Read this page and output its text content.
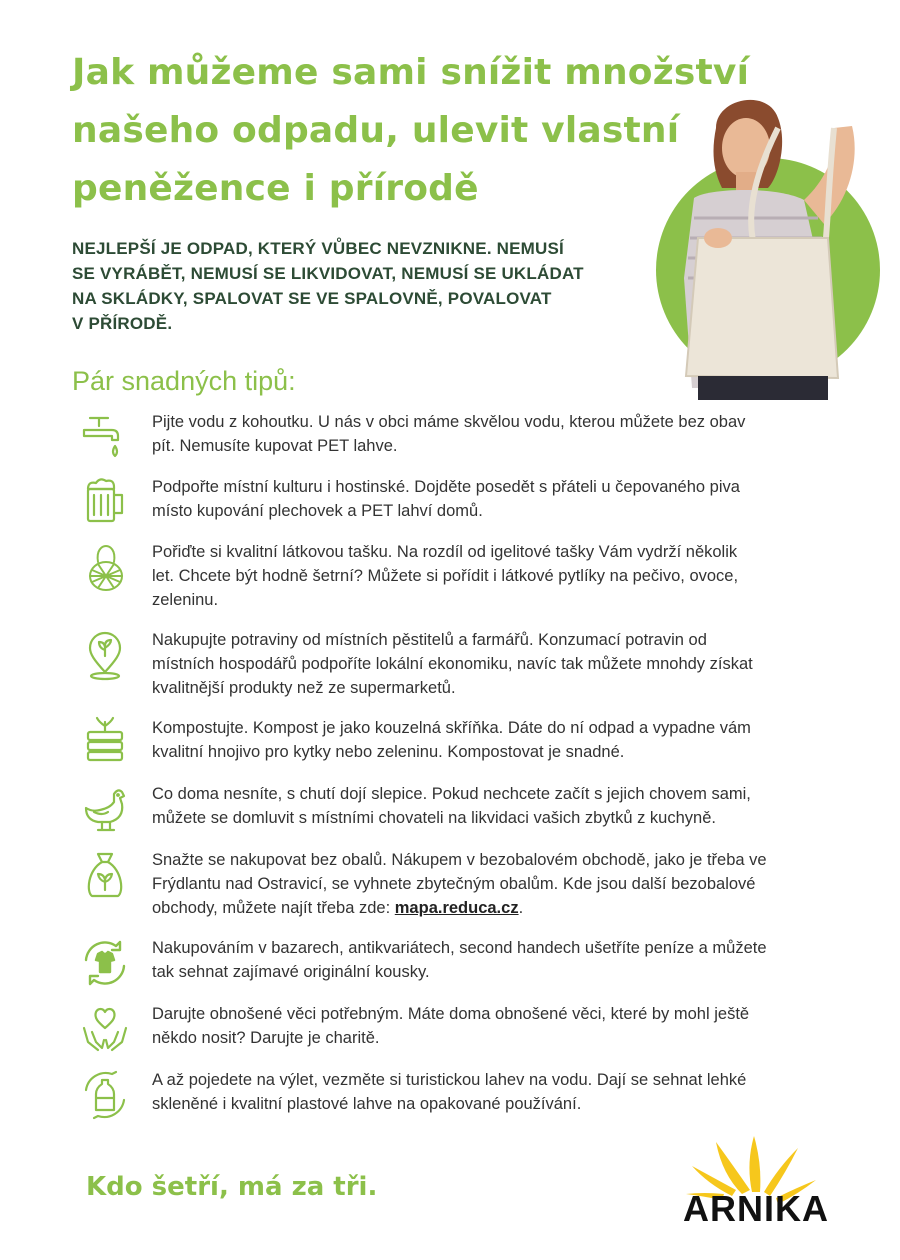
Jak můžeme sami snížit množství
našeho odpadu, ulevit vlastní
peněžence i přírodě
NEJLEPŠÍ JE ODPAD, KTERÝ VŮBEC NEVZNIKNE. NEMUSÍ
SE VYRÁBĚT, NEMUSÍ SE LIKVIDOVAT, NEMUSÍ SE UKLÁDAT
NA SKLÁDKY, SPALOVAT SE VE SPALOVNĚ, POVALOVAT
V PŘÍRODĚ.
Pár snadných tipů:
Pijte vodu z kohoutku. U nás v obci máme skvělou vodu, kterou můžete bez obav
pít. Nemusíte kupovat PET lahve.
Podpořte místní kulturu i hostinské. Dojděte posedět s přáteli u čepovaného piva
místo kupování plechovek a PET lahví domů.
Pořiďte si kvalitní látkovou tašku. Na rozdíl od igelitové tašky Vám vydrží několik
let. Chcete být hodně šetrní? Můžete si pořídit i látkové pytlíky na pečivo, ovoce,
zeleninu.
Nakupujte potraviny od místních pěstitelů a farmářů. Konzumací potravin od
místních hospodářů podpoříte lokální ekonomiku, navíc tak můžete mnohdy získat
kvalitnější produkty než ze supermarketů.
Kompostujte. Kompost je jako kouzelná skříňka. Dáte do ní odpad a vypadne vám
kvalitní hnojivo pro kytky nebo zeleninu. Kompostovat je snadné.
Co doma nesníte, s chutí dojí slepice. Pokud nechcete začít s jejich chovem sami,
můžete se domluvit s místními chovateli na likvidaci vašich zbytků z kuchyně.
Snažte se nakupovat bez obalů. Nákupem v bezobalovém obchodě, jako je třeba ve
Frýdlantu nad Ostravicí, se vyhnete zbytečným obalům. Kde jsou další bezobalové
obchody, můžete najít třeba zde: mapa.reduca.cz.
Nakupováním v bazarech, antikvariátech, second handech ušetříte peníze a můžete
tak sehnat zajímavé originální kousky.
Darujte obnošené věci potřebným. Máte doma obnošené věci, které by mohl ještě
někdo nosit? Darujte je charitě.
A až pojedete na výlet, vezměte si turistickou lahev na vodu. Dají se sehnat lehké
skleněné i kvalitní plastové lahve na opakované používání.
Kdo šetří, má za tři.
ARNIKA
